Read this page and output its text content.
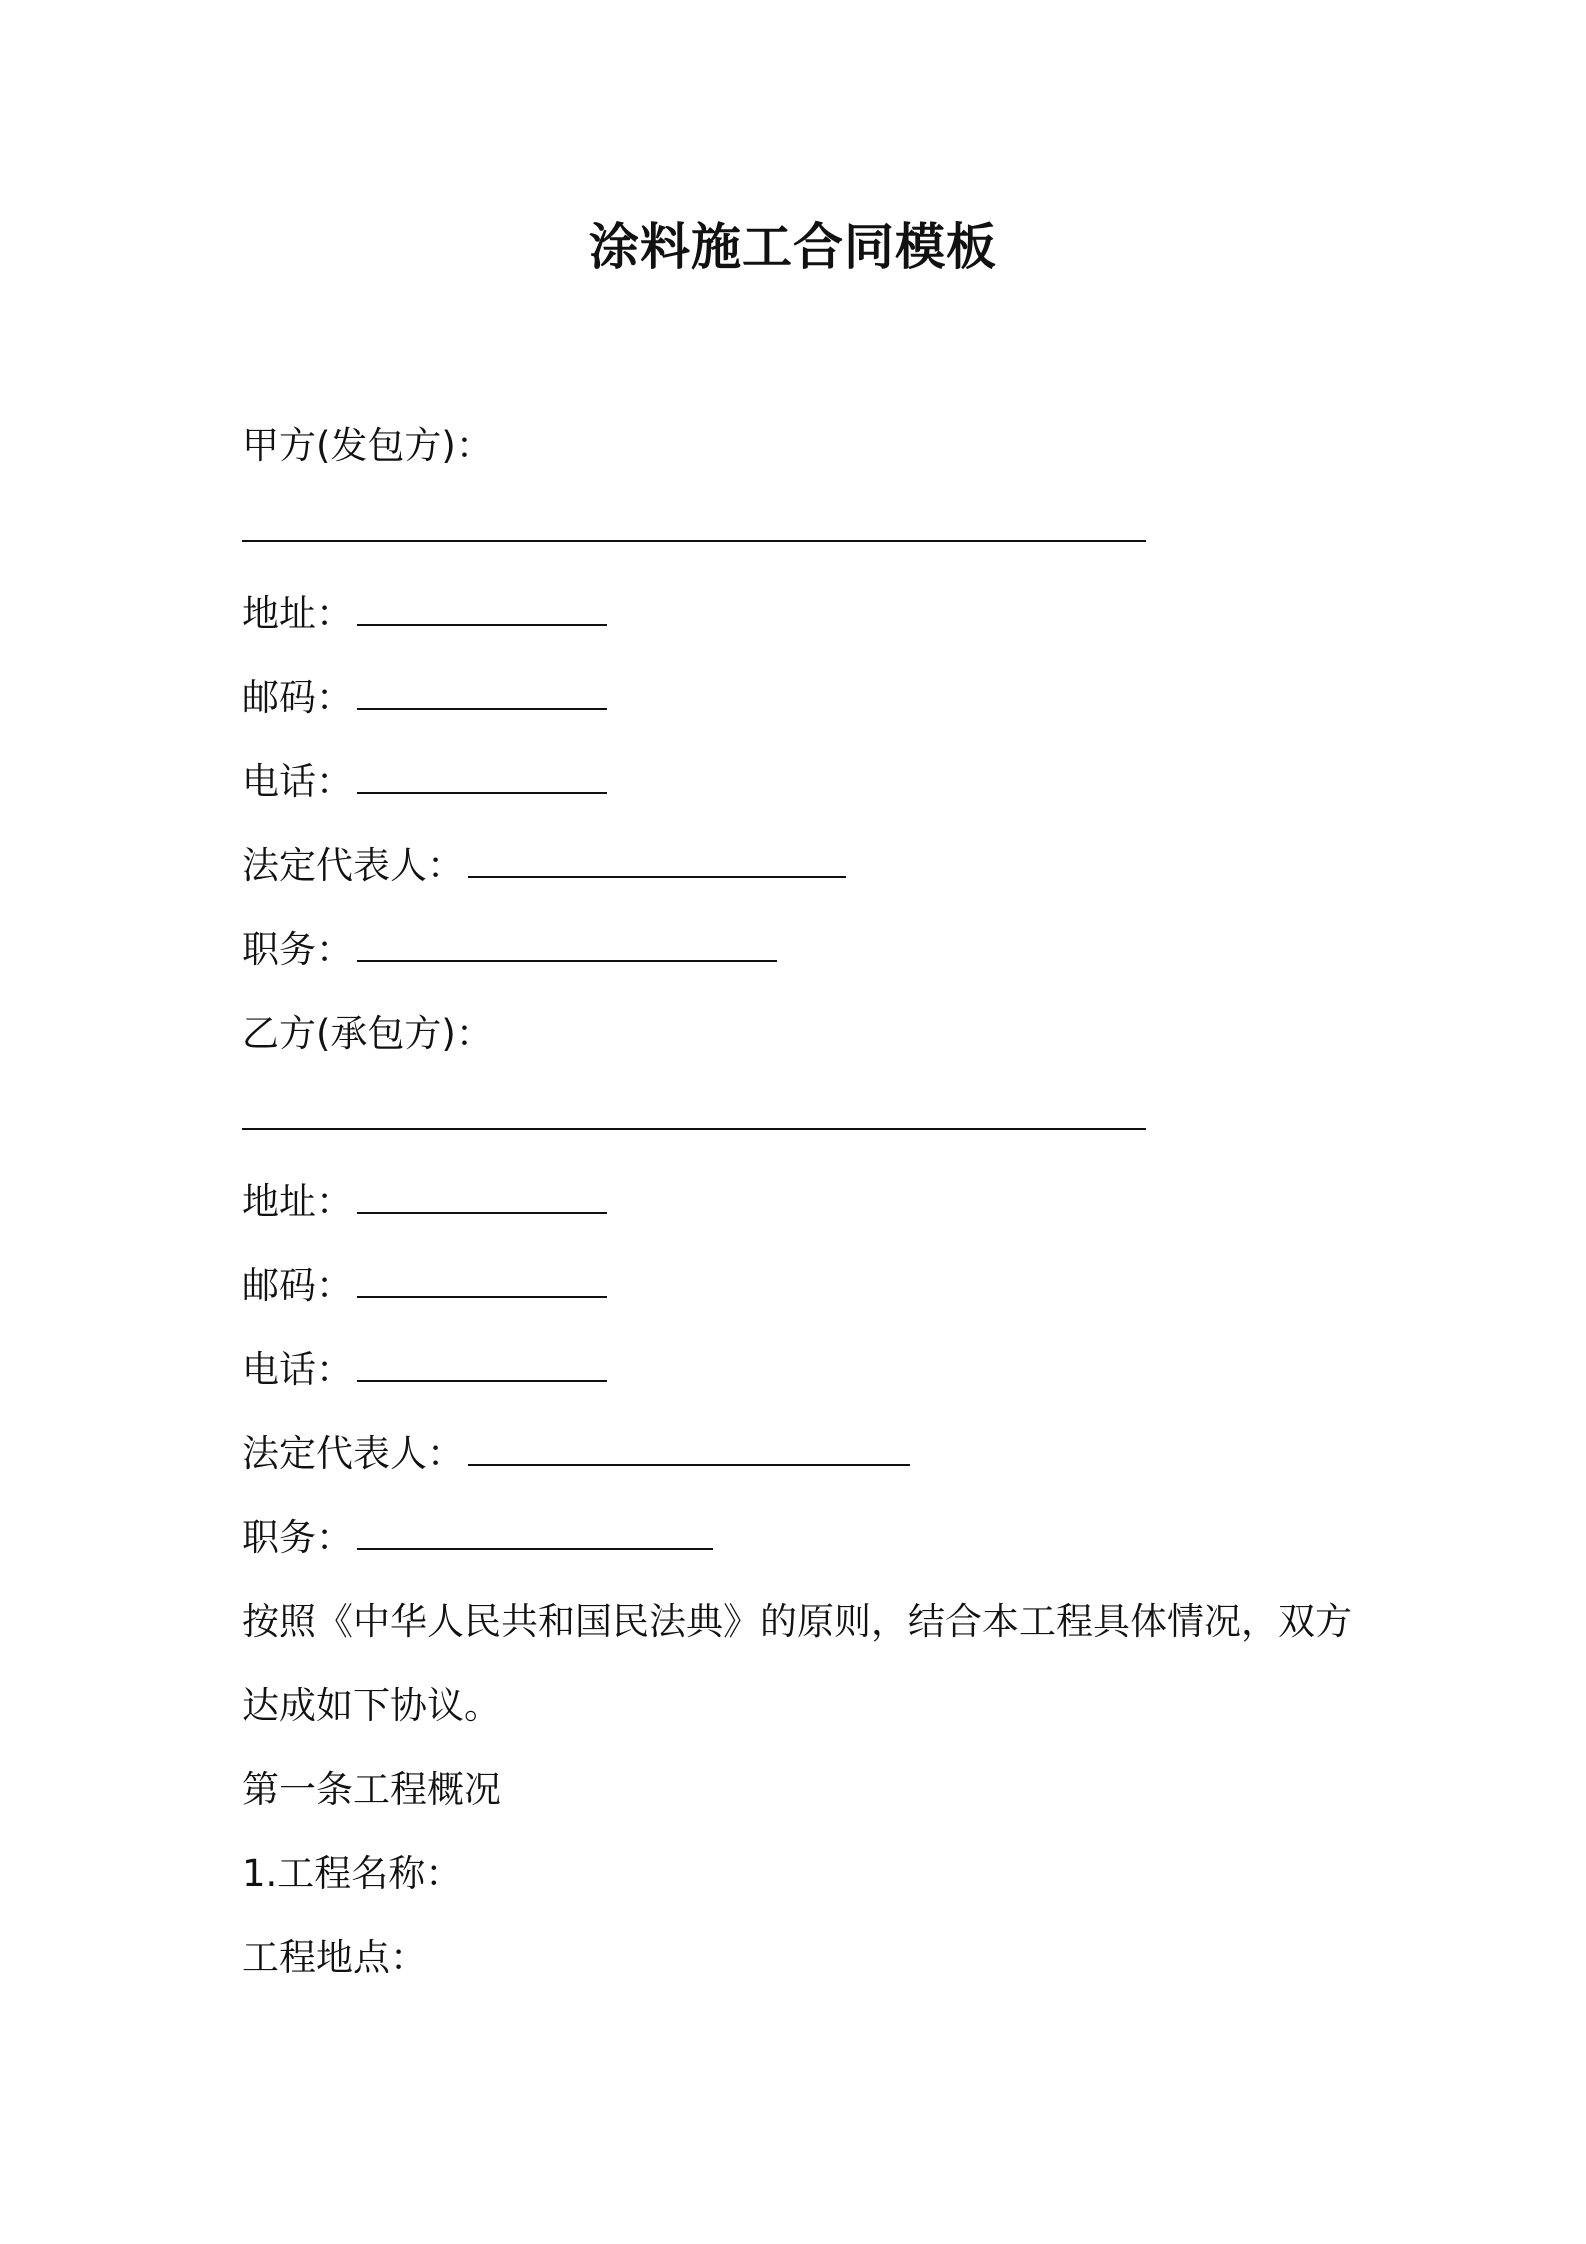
涂料施工合同模板
甲方(发包方)：
地址：
邮码：
电话：
法定代表人：
职务：
乙方(承包方)：
地址：
邮码：
电话：
法定代表人：
职务：
按照《中华人民共和国民法典》的原则，结合本工程具体情况，双方
达成如下协议。
第一条工程概况
1.工程名称：
工程地点：
